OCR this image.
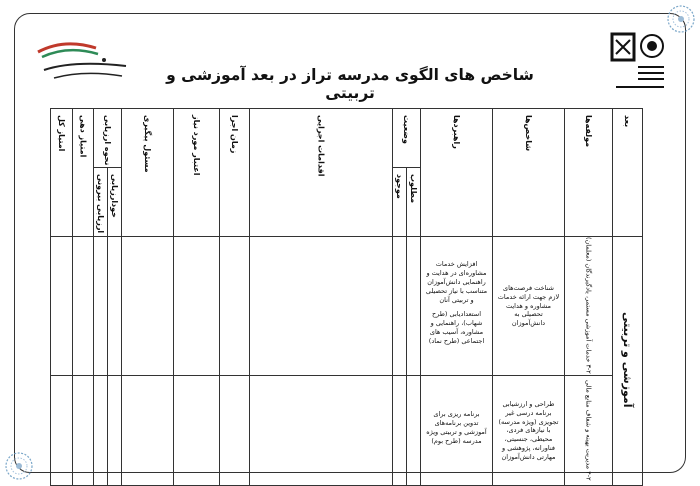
شاخص های الگوی مدرسه تراز در بعد آموزشی و تربیتی
بعد	مولفه‌ها	شاخص‌ها	راهبردها	وضعیت		اقدامات اجرایی	زمان اجرا	اعتبار مورد نیاز	مسئول پیگیری	نحوه ارزیابی		امتیاز دهی	امتیاز کل
				مطلوب	موجود					خودارزیابی	ارزیابی بیرونی		
آموزشی و تربیتی	۳-۲ خدمات آموزشی مستمر، یادگیرندگان (معلمان)	شناخت فرصت‌های لازم جهت ارائه خدمات مشاوره و هدایت تحصیلی به دانش‌آموزان	افزایش خدمات مشاوره‌ای در هدایت و راهنمایی دانش‌آموزان متناسب با نیاز تحصیلی و تربیتی آنان
استعدادیابی (طرح شهاب)، راهنمایی و مشاوره، آسیب های اجتماعی (طرح نماد)										

	۴-۲ مدیریت بهینه و شفاف منابع مالی	طراحی و ارزشیابی برنامه درسی غیر تجویزی (ویژه مدرسه) با نیازهای فردی، محیطی، جنسیتی، فناورانه، پژوهشی و مهارتی دانش‌آموزان	برنامه ریزی برای تدوین برنامه‌های آموزشی و تربیتی ویژه مدرسه (طرح بوم)										
